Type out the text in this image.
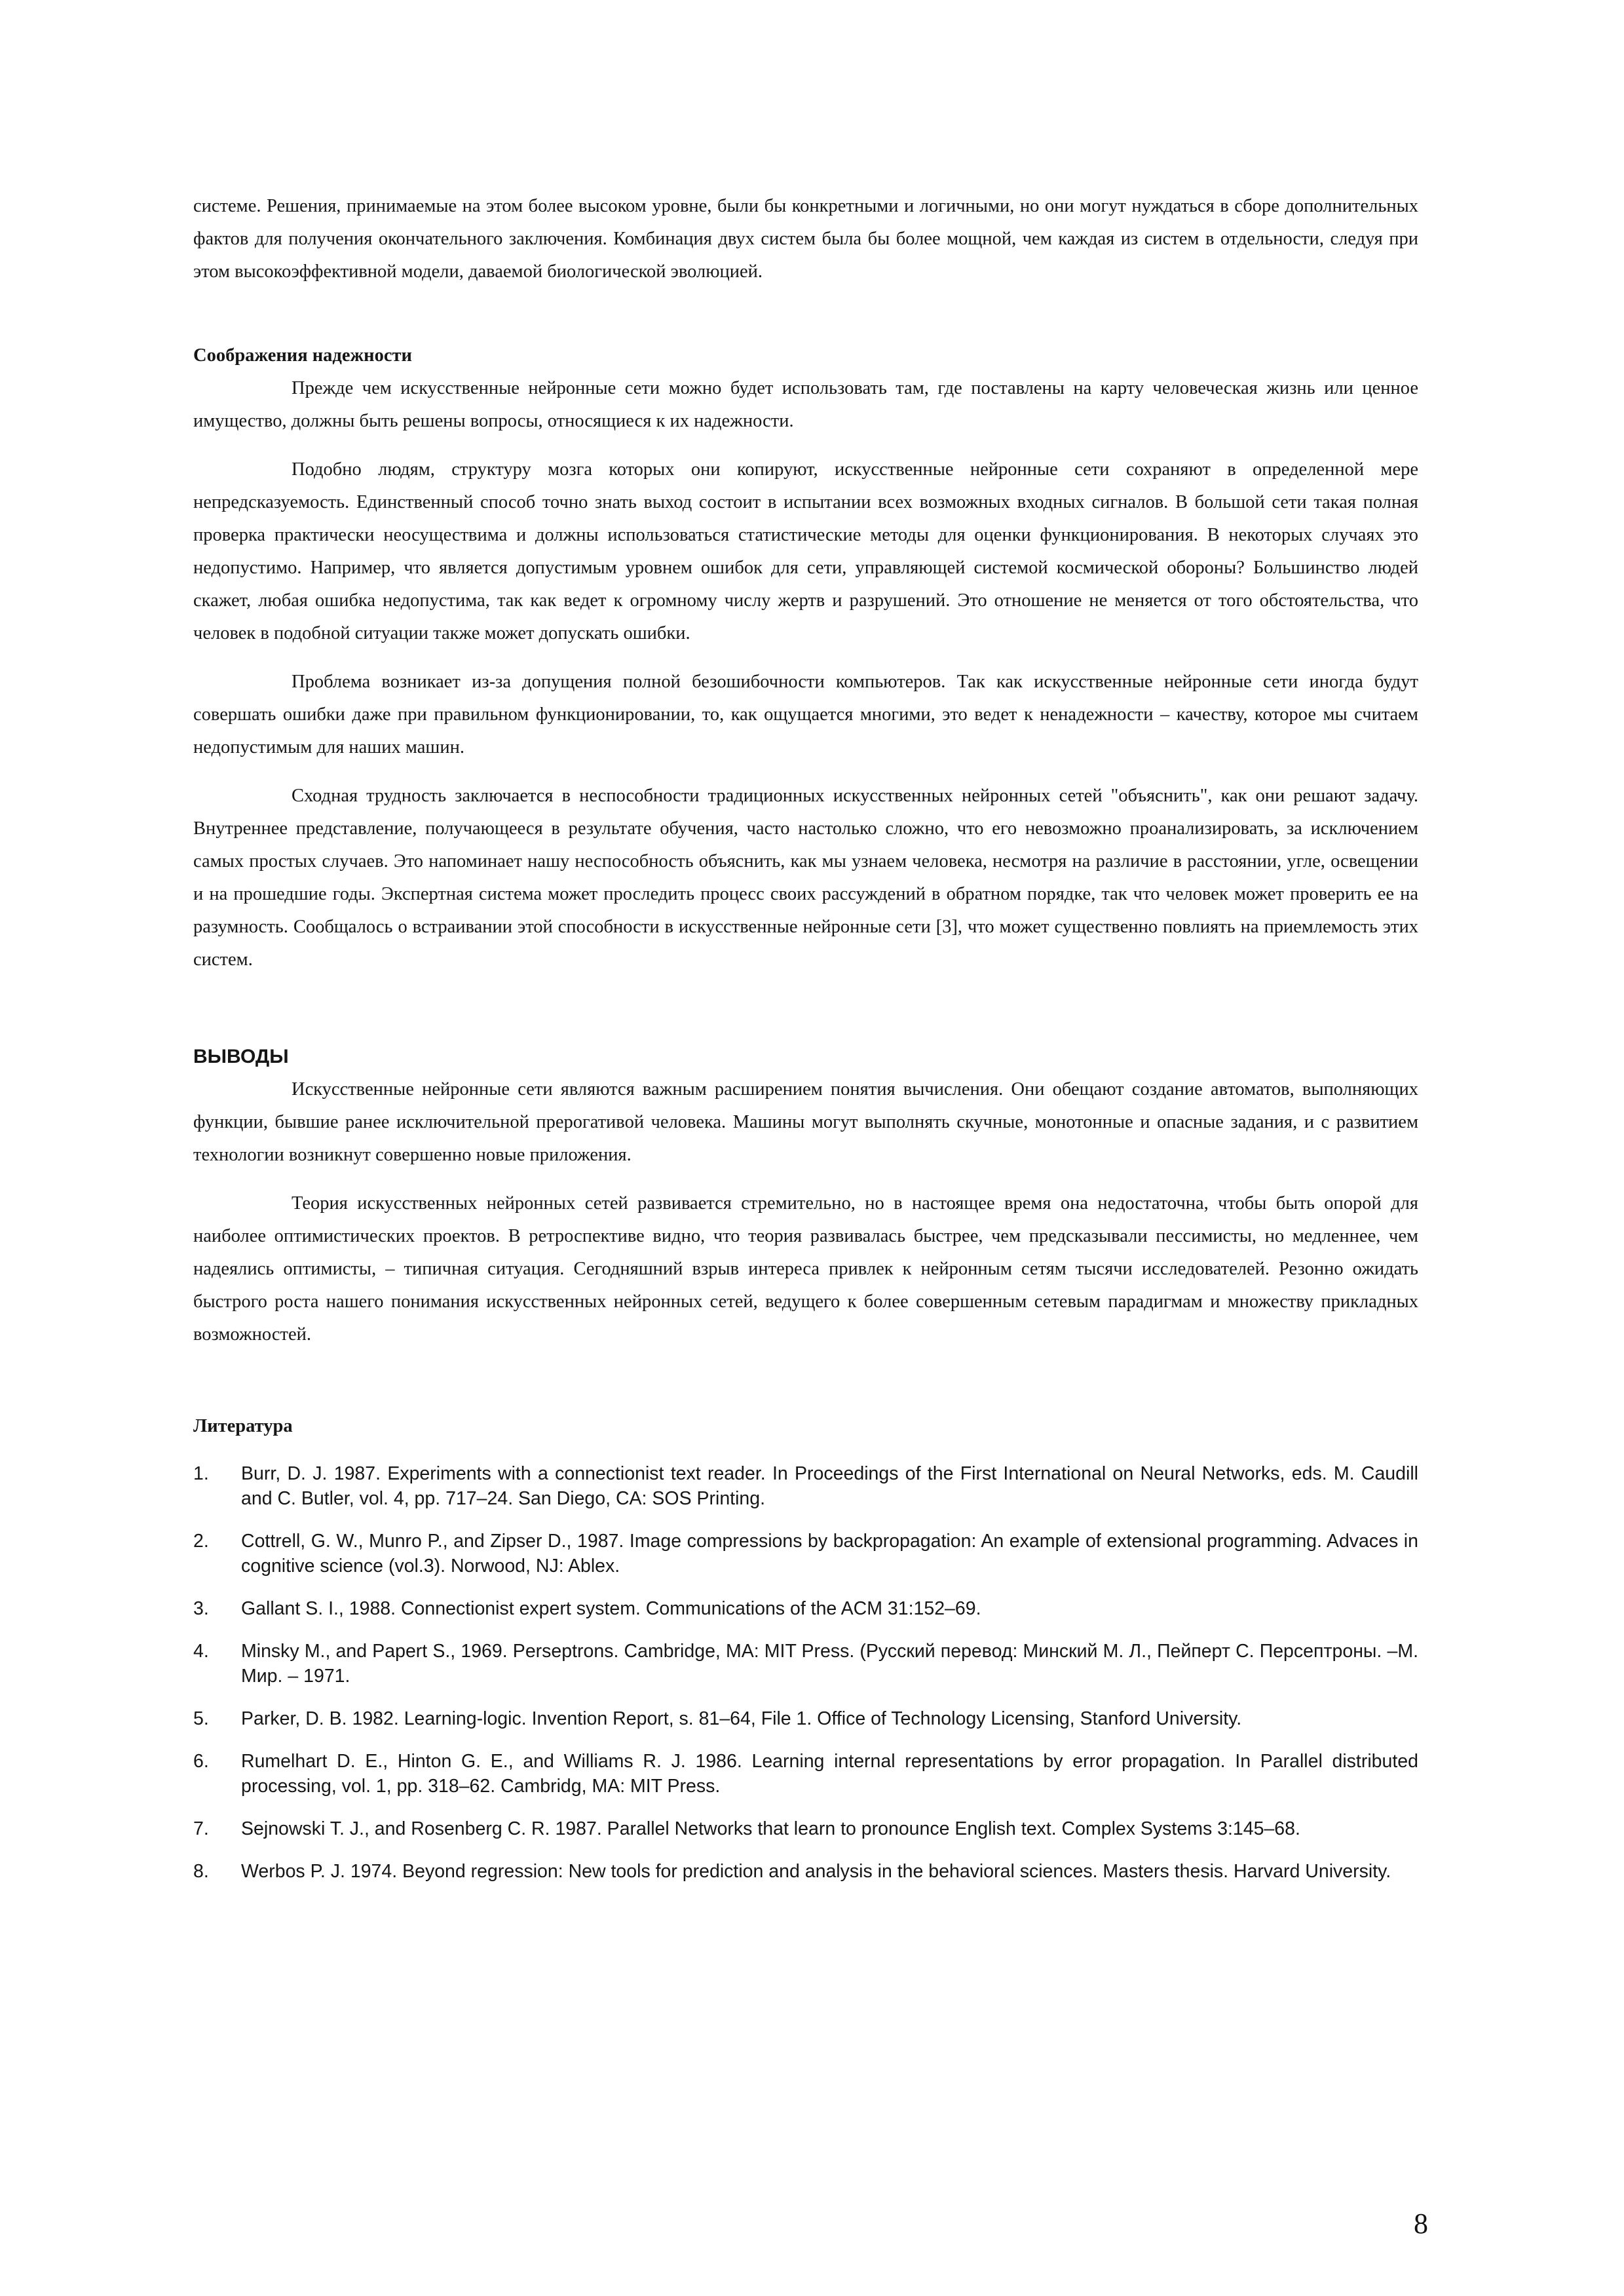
системе. Решения, принимаемые на этом более высоком уровне, были бы конкретными и логичными, но они могут нуждаться в сборе дополнительных фактов для получения окончательного заключения. Комбинация двух систем была бы более мощной, чем каждая из систем в отдельности, следуя при этом высокоэффективной модели, даваемой биологической эволюцией.

Соображения надежности

Прежде чем искусственные нейронные сети можно будет использовать там, где поставлены на карту человеческая жизнь или ценное имущество, должны быть решены вопросы, относящиеся к их надежности.

Подобно людям, структуру мозга которых они копируют, искусственные нейронные сети сохраняют в определенной мере непредсказуемость. Единственный способ точно знать выход состоит в испытании всех возможных входных сигналов. В большой сети такая полная проверка практически неосуществима и должны использоваться статистические методы для оценки функционирования. В некоторых случаях это недопустимо. Например, что является допустимым уровнем ошибок для сети, управляющей системой космической обороны? Большинство людей скажет, любая ошибка недопустима, так как ведет к огромному числу жертв и разрушений. Это отношение не меняется от того обстоятельства, что человек в подобной ситуации также может допускать ошибки.

Проблема возникает из-за допущения полной безошибочности компьютеров. Так как искусственные нейронные сети иногда будут совершать ошибки даже при правильном функционировании, то, как ощущается многими, это ведет к ненадежности – качеству, которое мы считаем недопустимым для наших машин.

Сходная трудность заключается в неспособности традиционных искусственных нейронных сетей "объяснить", как они решают задачу. Внутреннее представление, получающееся в результате обучения, часто настолько сложно, что его невозможно проанализировать, за исключением самых простых случаев. Это напоминает нашу неспособность объяснить, как мы узнаем человека, несмотря на различие в расстоянии, угле, освещении и на прошедшие годы. Экспертная система может проследить процесс своих рассуждений в обратном порядке, так что человек может проверить ее на разумность. Сообщалось о встраивании этой способности в искусственные нейронные сети [3], что может существенно повлиять на приемлемость этих систем.

ВЫВОДЫ

Искусственные нейронные сети являются важным расширением понятия вычисления. Они обещают создание автоматов, выполняющих функции, бывшие ранее исключительной прерогативой человека. Машины могут выполнять скучные, монотонные и опасные задания, и с развитием технологии возникнут совершенно новые приложения.

Теория искусственных нейронных сетей развивается стремительно, но в настоящее время она недостаточна, чтобы быть опорой для наиболее оптимистических проектов. В ретроспективе видно, что теория развивалась быстрее, чем предсказывали пессимисты, но медленнее, чем надеялись оптимисты, – типичная ситуация. Сегодняшний взрыв интереса привлек к нейронным сетям тысячи исследователей. Резонно ожидать быстрого роста нашего понимания искусственных нейронных сетей, ведущего к более совершенным сетевым парадигмам и множеству прикладных возможностей.

Литература
1. Burr, D. J. 1987. Experiments with a connectionist text reader. In Proceedings of the First International on Neural Networks, eds. M. Caudill and C. Butler, vol. 4, pp. 717–24. San Diego, CA: SOS Printing.
2. Cottrell, G. W., Munro P., and Zipser D., 1987. Image compressions by backpropagation: An example of extensional programming. Advaces in cognitive science (vol.3). Norwood, NJ: Ablex.
3. Gallant S. I., 1988. Connectionist expert system. Communications of the ACM 31:152–69.
4. Minsky M., and Papert S., 1969. Perseptrons. Cambridge, MA: MIT Press. (Русский перевод: Минский М. Л., Пейперт С. Персептроны. –М. Мир. – 1971.
5. Parker, D. B. 1982. Learning-logic. Invention Report, s. 81–64, File 1. Office of Technology Licensing, Stanford University.
6. Rumelhart D. E., Hinton G. E., and Williams R. J. 1986. Learning internal representations by error propagation. In Parallel distributed processing, vol. 1, pp. 318–62. Cambridg, MA: MIT Press.
7. Sejnowski T. J., and Rosenberg C. R. 1987. Parallel Networks that learn to pronounce English text. Complex Systems 3:145–68.
8. Werbos P. J. 1974. Beyond regression: New tools for prediction and analysis in the behavioral sciences. Masters thesis. Harvard University.
8
